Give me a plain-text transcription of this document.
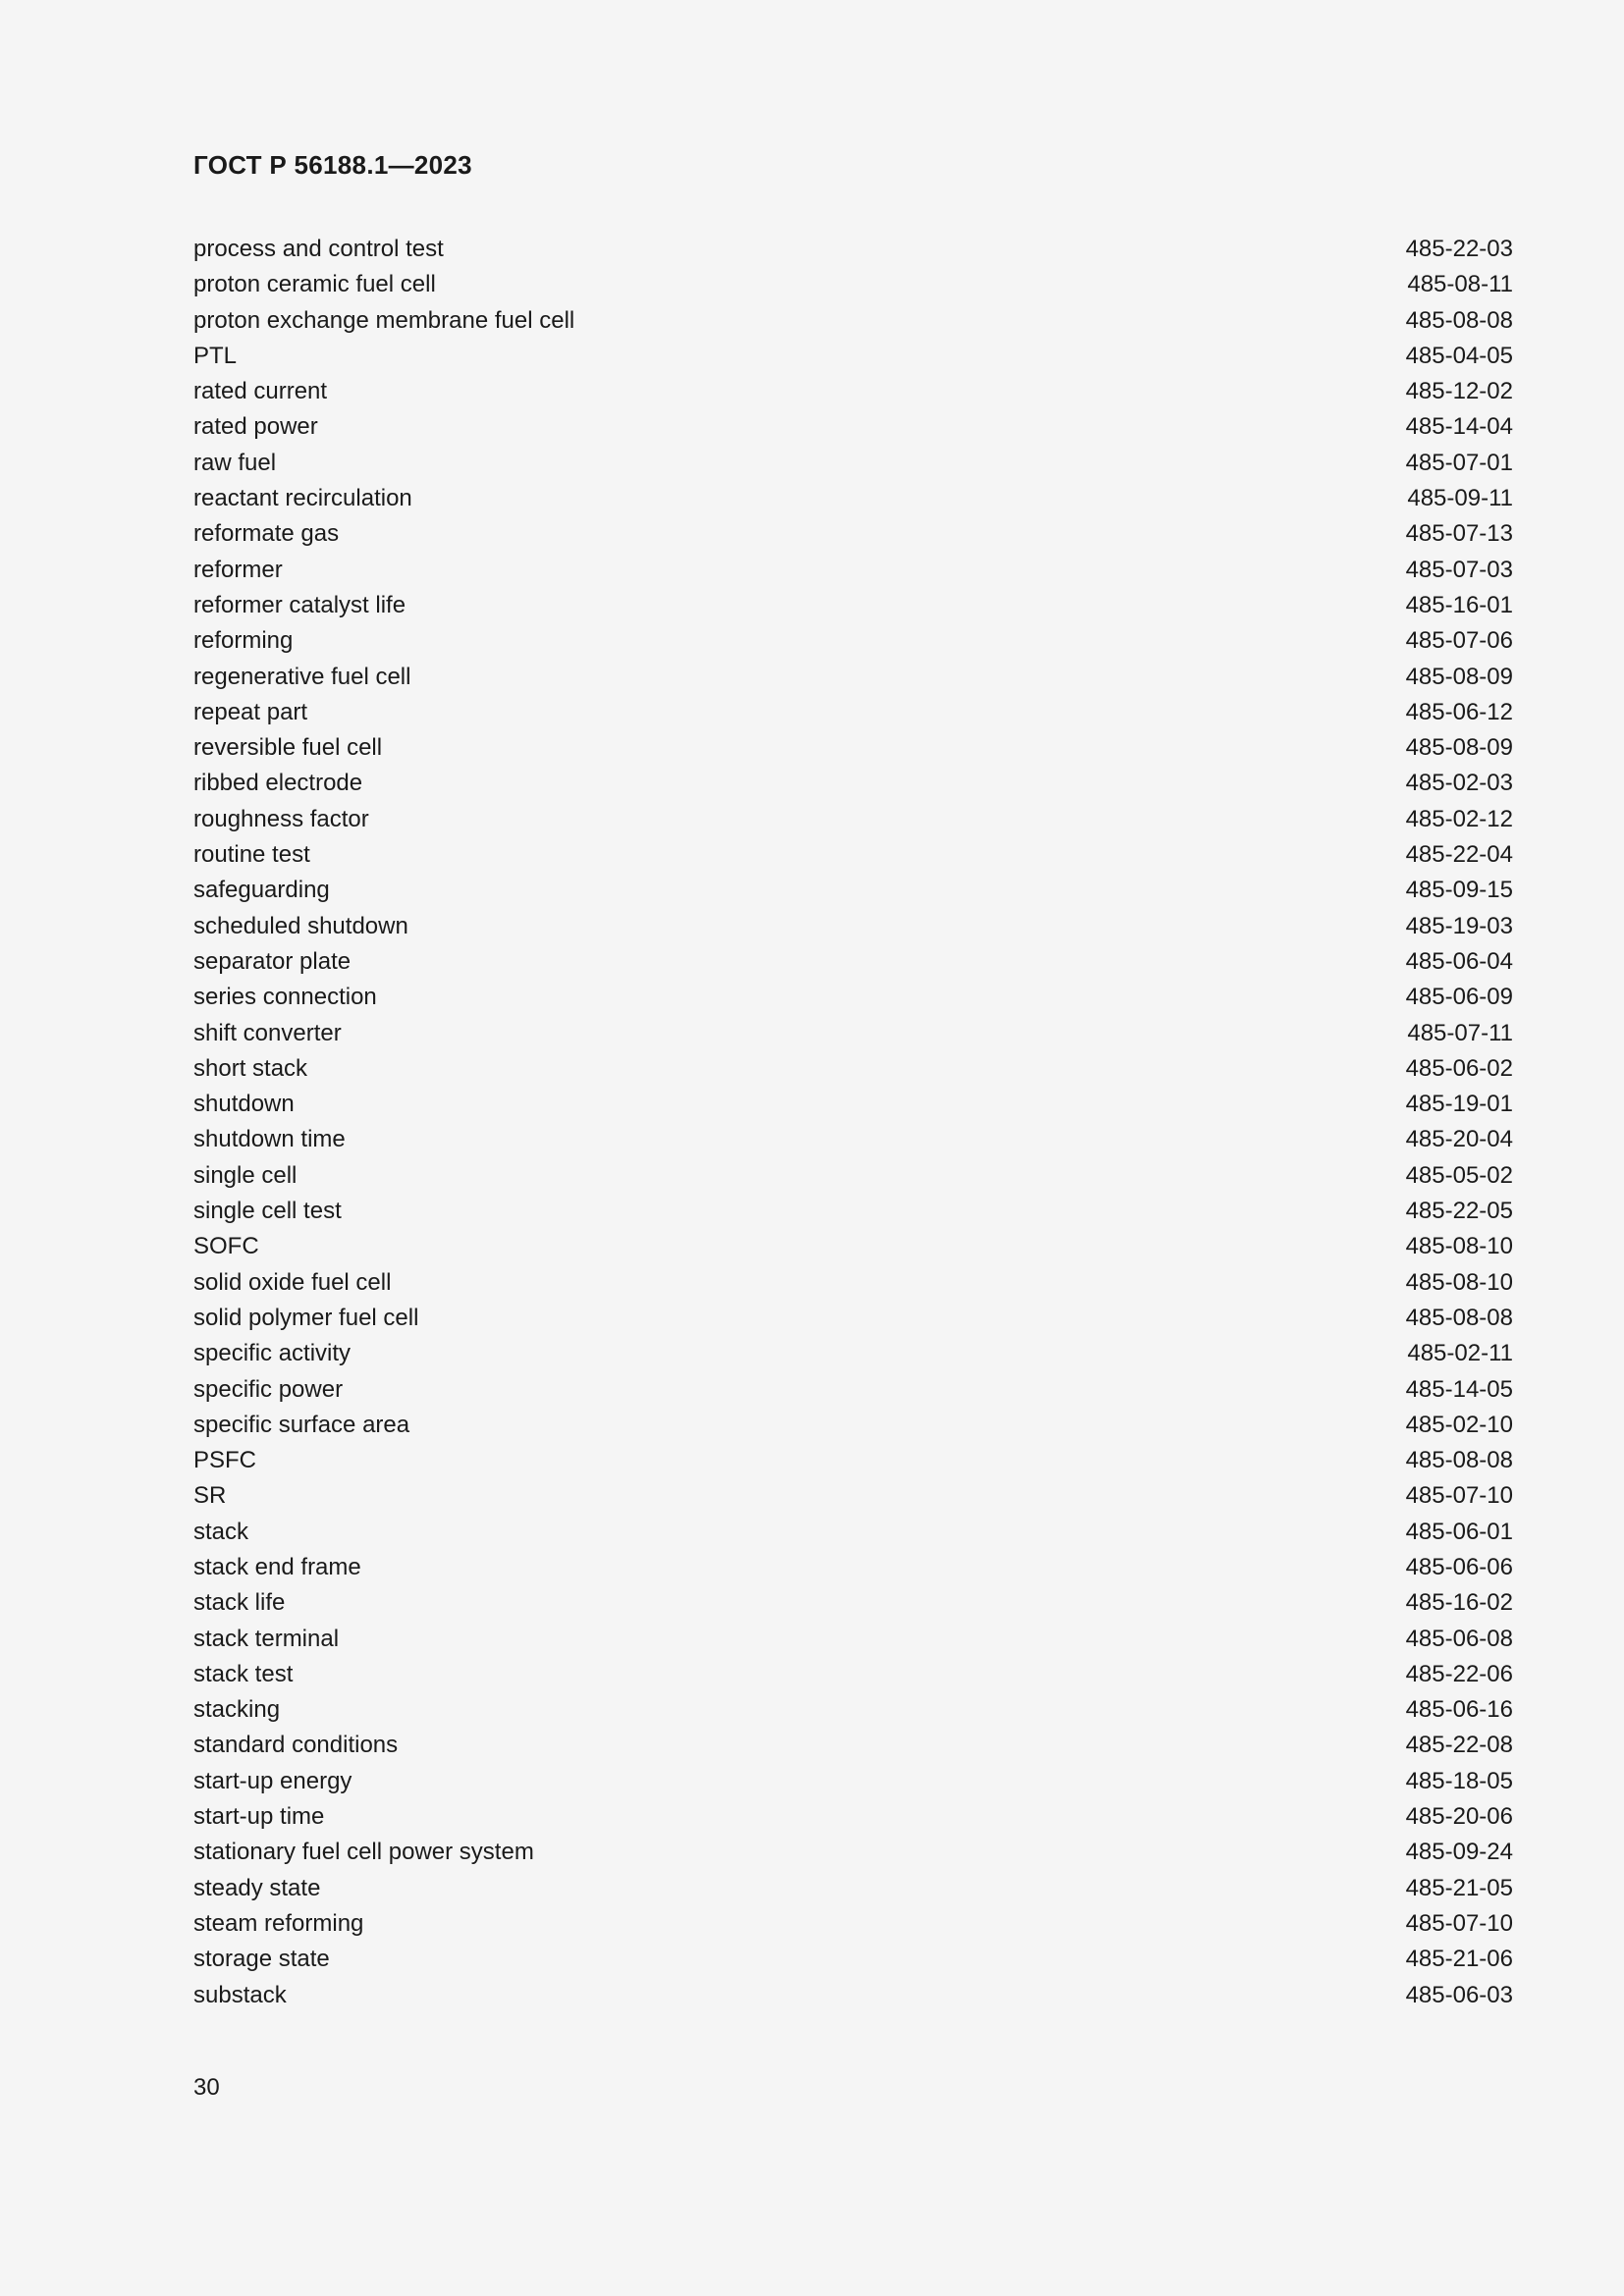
ГОСТ Р 56188.1—2023
process and control test	485-22-03
proton ceramic fuel cell	485-08-11
proton exchange membrane fuel cell	485-08-08
PTL	485-04-05
rated current	485-12-02
rated power	485-14-04
raw fuel	485-07-01
reactant recirculation	485-09-11
reformate gas	485-07-13
reformer	485-07-03
reformer catalyst life	485-16-01
reforming	485-07-06
regenerative fuel cell	485-08-09
repeat part	485-06-12
reversible fuel cell	485-08-09
ribbed electrode	485-02-03
roughness factor	485-02-12
routine test	485-22-04
safeguarding	485-09-15
scheduled shutdown	485-19-03
separator plate	485-06-04
series connection	485-06-09
shift converter	485-07-11
short stack	485-06-02
shutdown	485-19-01
shutdown time	485-20-04
single cell	485-05-02
single cell test	485-22-05
SOFC	485-08-10
solid oxide fuel cell	485-08-10
solid polymer fuel cell	485-08-08
specific activity	485-02-11
specific power	485-14-05
specific surface area	485-02-10
PSFC	485-08-08
SR	485-07-10
stack	485-06-01
stack end frame	485-06-06
stack life	485-16-02
stack terminal	485-06-08
stack test	485-22-06
stacking	485-06-16
standard conditions	485-22-08
start-up energy	485-18-05
start-up time	485-20-06
stationary fuel cell power system	485-09-24
steady state	485-21-05
steam reforming	485-07-10
storage state	485-21-06
substack	485-06-03
30
